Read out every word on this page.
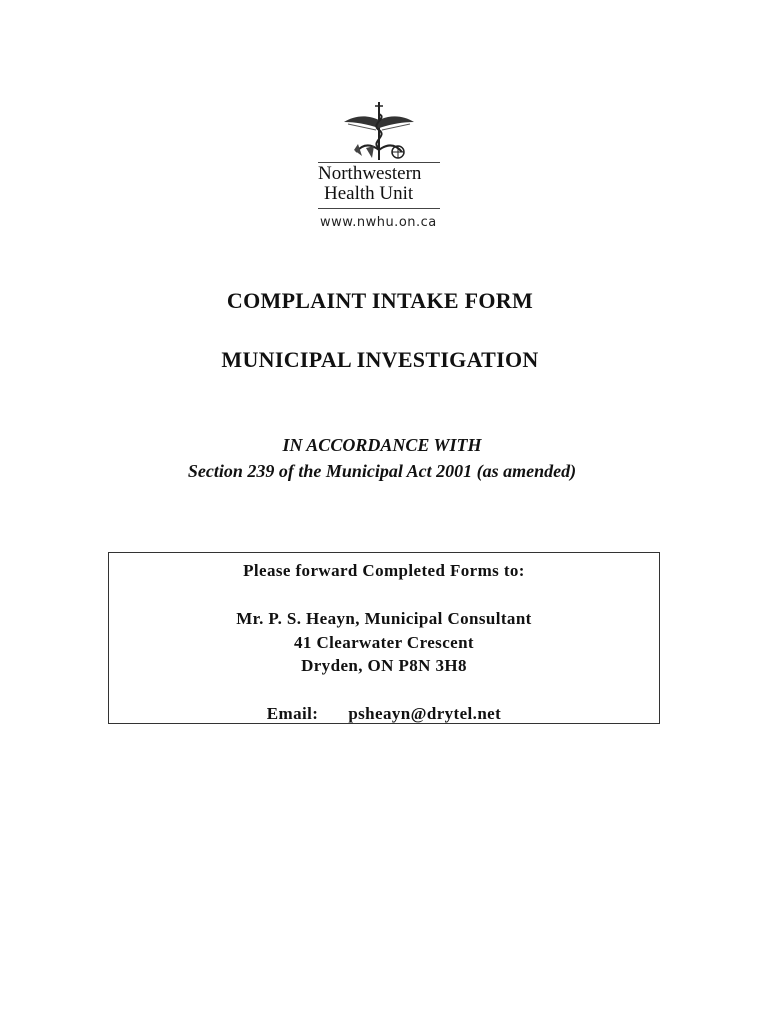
Northwestern
Health Unit
www.nwhu.on.ca
COMPLAINT INTAKE FORM
MUNICIPAL INVESTIGATION
IN ACCORDANCE WITH
Section 239 of the Municipal Act 2001 (as amended)
Please forward Completed Forms to:
Mr. P. S. Heayn, Municipal Consultant
41 Clearwater Crescent
Dryden, ON P8N 3H8
Email: psheayn@drytel.net
